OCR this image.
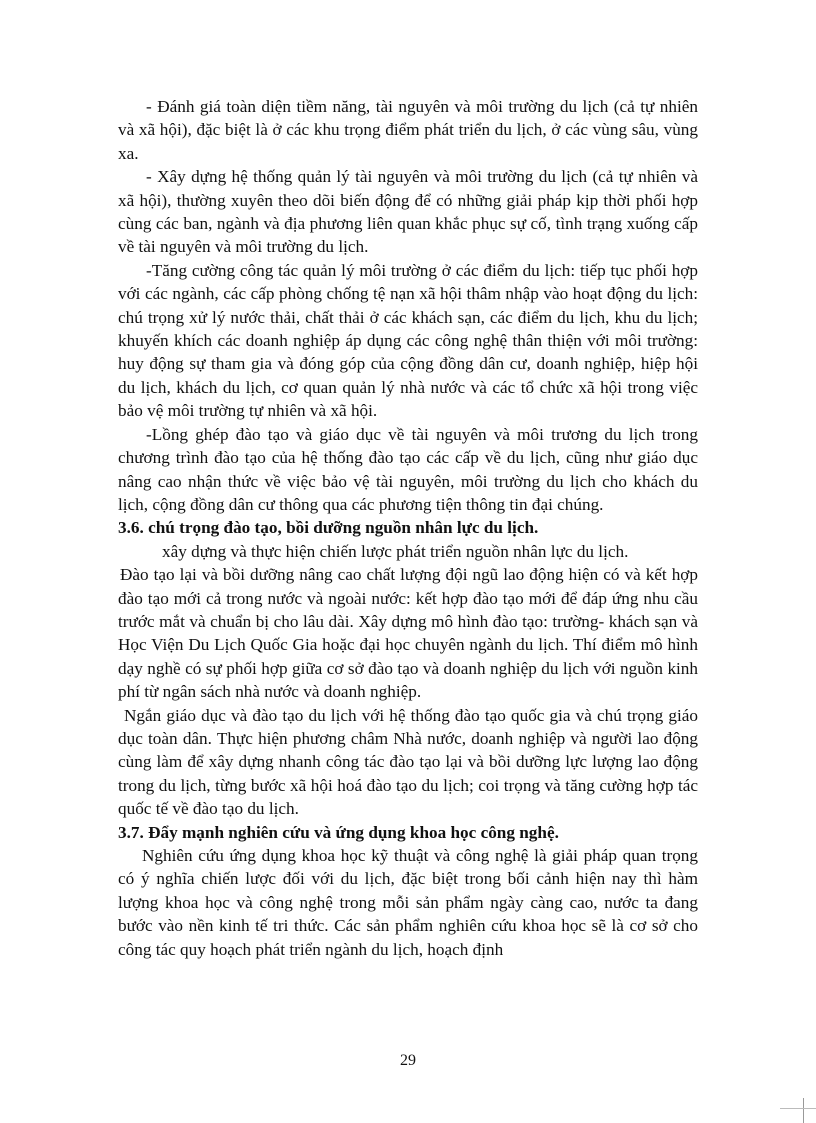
- Đánh giá toàn diện tiềm năng, tài nguyên và môi trường du lịch (cả tự nhiên và xã hội), đặc biệt là ở các khu trọng điểm phát triển du lịch, ở các vùng sâu, vùng xa.

- Xây dựng hệ thống quản lý tài nguyên và môi trường du lịch (cả tự nhiên và xã hội), thường xuyên theo dõi biến động để có những giải pháp kịp thời phối hợp cùng các ban, ngành và địa phương liên quan khắc phục sự cố, tình trạng xuống cấp về tài nguyên và môi trường du lịch.

-Tăng cường công tác quản lý môi trường ở các điểm du lịch: tiếp tục phối hợp với các ngành, các cấp phòng chống tệ nạn xã hội thâm nhập vào hoạt động du lịch: chú trọng xử lý nước thải, chất thải ở các khách sạn, các điểm du lịch, khu du lịch; khuyến khích các doanh nghiệp áp dụng các công nghệ thân thiện với môi trường: huy động sự tham gia và đóng góp của cộng đồng dân cư, doanh nghiệp, hiệp hội du lịch, khách du lịch, cơ quan quản lý nhà nước và các tổ chức xã hội trong việc bảo vệ môi trường tự nhiên và xã hội.

-Lồng ghép đào tạo và giáo dục về tài nguyên và môi trương du lịch trong chương trình đào tạo của hệ thống đào tạo các cấp về du lịch, cũng như giáo dục nâng cao nhận thức về việc bảo vệ tài nguyên, môi trường du lịch cho khách du lịch, cộng đồng dân cư thông qua các phương tiện thông tin đại chúng.

3.6. chú trọng đào tạo, bồi dưỡng nguồn nhân lực du lịch.

xây dựng và thực hiện chiến lược phát triển nguồn nhân lực du lịch.

Đào tạo lại và bồi dưỡng nâng cao chất lượng đội ngũ lao động hiện có và kết hợp đào tạo mới cả trong nước và ngoài nước: kết hợp đào tạo mới để đáp ứng nhu cầu trước mắt và chuẩn bị cho lâu dài. Xây dựng mô hình đào tạo: trường- khách sạn và Học Viện Du Lịch Quốc Gia hoặc đại học chuyên ngành du lịch. Thí điểm mô hình dạy nghề có sự phối hợp giữa cơ sở đào tạo và doanh nghiệp du lịch với nguồn kinh phí từ ngân sách nhà nước và doanh nghiệp.

Ngắn giáo dục và đào tạo du lịch với hệ thống đào tạo quốc gia và chú trọng giáo dục toàn dân. Thực hiện phương châm Nhà nước, doanh nghiệp và người lao động cùng làm để xây dựng nhanh công tác đào tạo lại và bồi dưỡng lực lượng lao động trong du lịch, từng bước xã hội hoá đào tạo du lịch; coi trọng và tăng cường hợp tác quốc tế về đào tạo du lịch.

3.7. Đẩy mạnh nghiên cứu và ứng dụng khoa học công nghệ.

Nghiên cứu ứng dụng khoa học kỹ thuật và công nghệ là giải pháp quan trọng có ý nghĩa chiến lược đối với du lịch, đặc biệt trong bối cảnh hiện nay thì hàm lượng khoa học và công nghệ trong mỗi sản phẩm ngày càng cao, nước ta đang bước vào nền kinh tế tri thức. Các sản phẩm nghiên cứu khoa học sẽ là cơ sở cho công tác quy hoạch phát triển ngành du lịch, hoạch định

29
